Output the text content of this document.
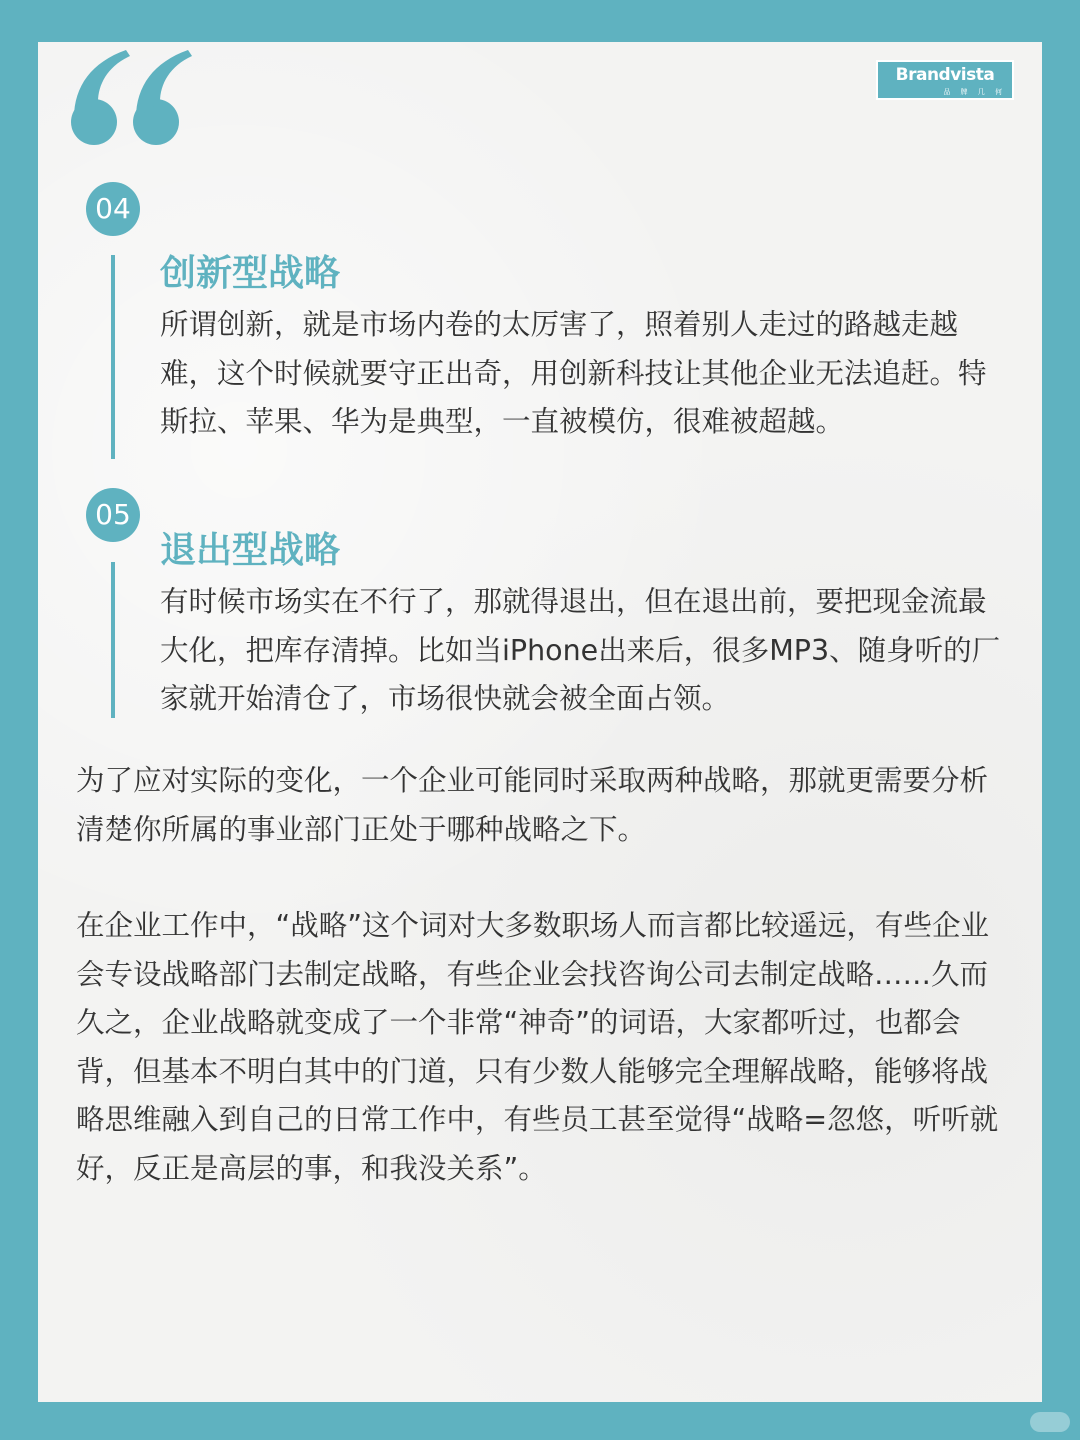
Brandvista
品 牌 几 何
04
创新型战略
所谓创新，就是市场内卷的太厉害了，照着别人走过的路越走越难，这个时候就要守正出奇，用创新科技让其他企业无法追赶。特斯拉、苹果、华为是典型，一直被模仿，很难被超越。
05
退出型战略
有时候市场实在不行了，那就得退出，但在退出前，要把现金流最大化，把库存清掉。比如当iPhone出来后，很多MP3、随身听的厂家就开始清仓了，市场很快就会被全面占领。
为了应对实际的变化，一个企业可能同时采取两种战略，那就更需要分析清楚你所属的事业部门正处于哪种战略之下。
在企业工作中，“战略”这个词对大多数职场人而言都比较遥远，有些企业会专设战略部门去制定战略，有些企业会找咨询公司去制定战略……久而久之，企业战略就变成了一个非常“神奇”的词语，大家都听过，也都会背，但基本不明白其中的门道，只有少数人能够完全理解战略，能够将战略思维融入到自己的日常工作中，有些员工甚至觉得“战略=忽悠，听听就好，反正是高层的事，和我没关系”。
